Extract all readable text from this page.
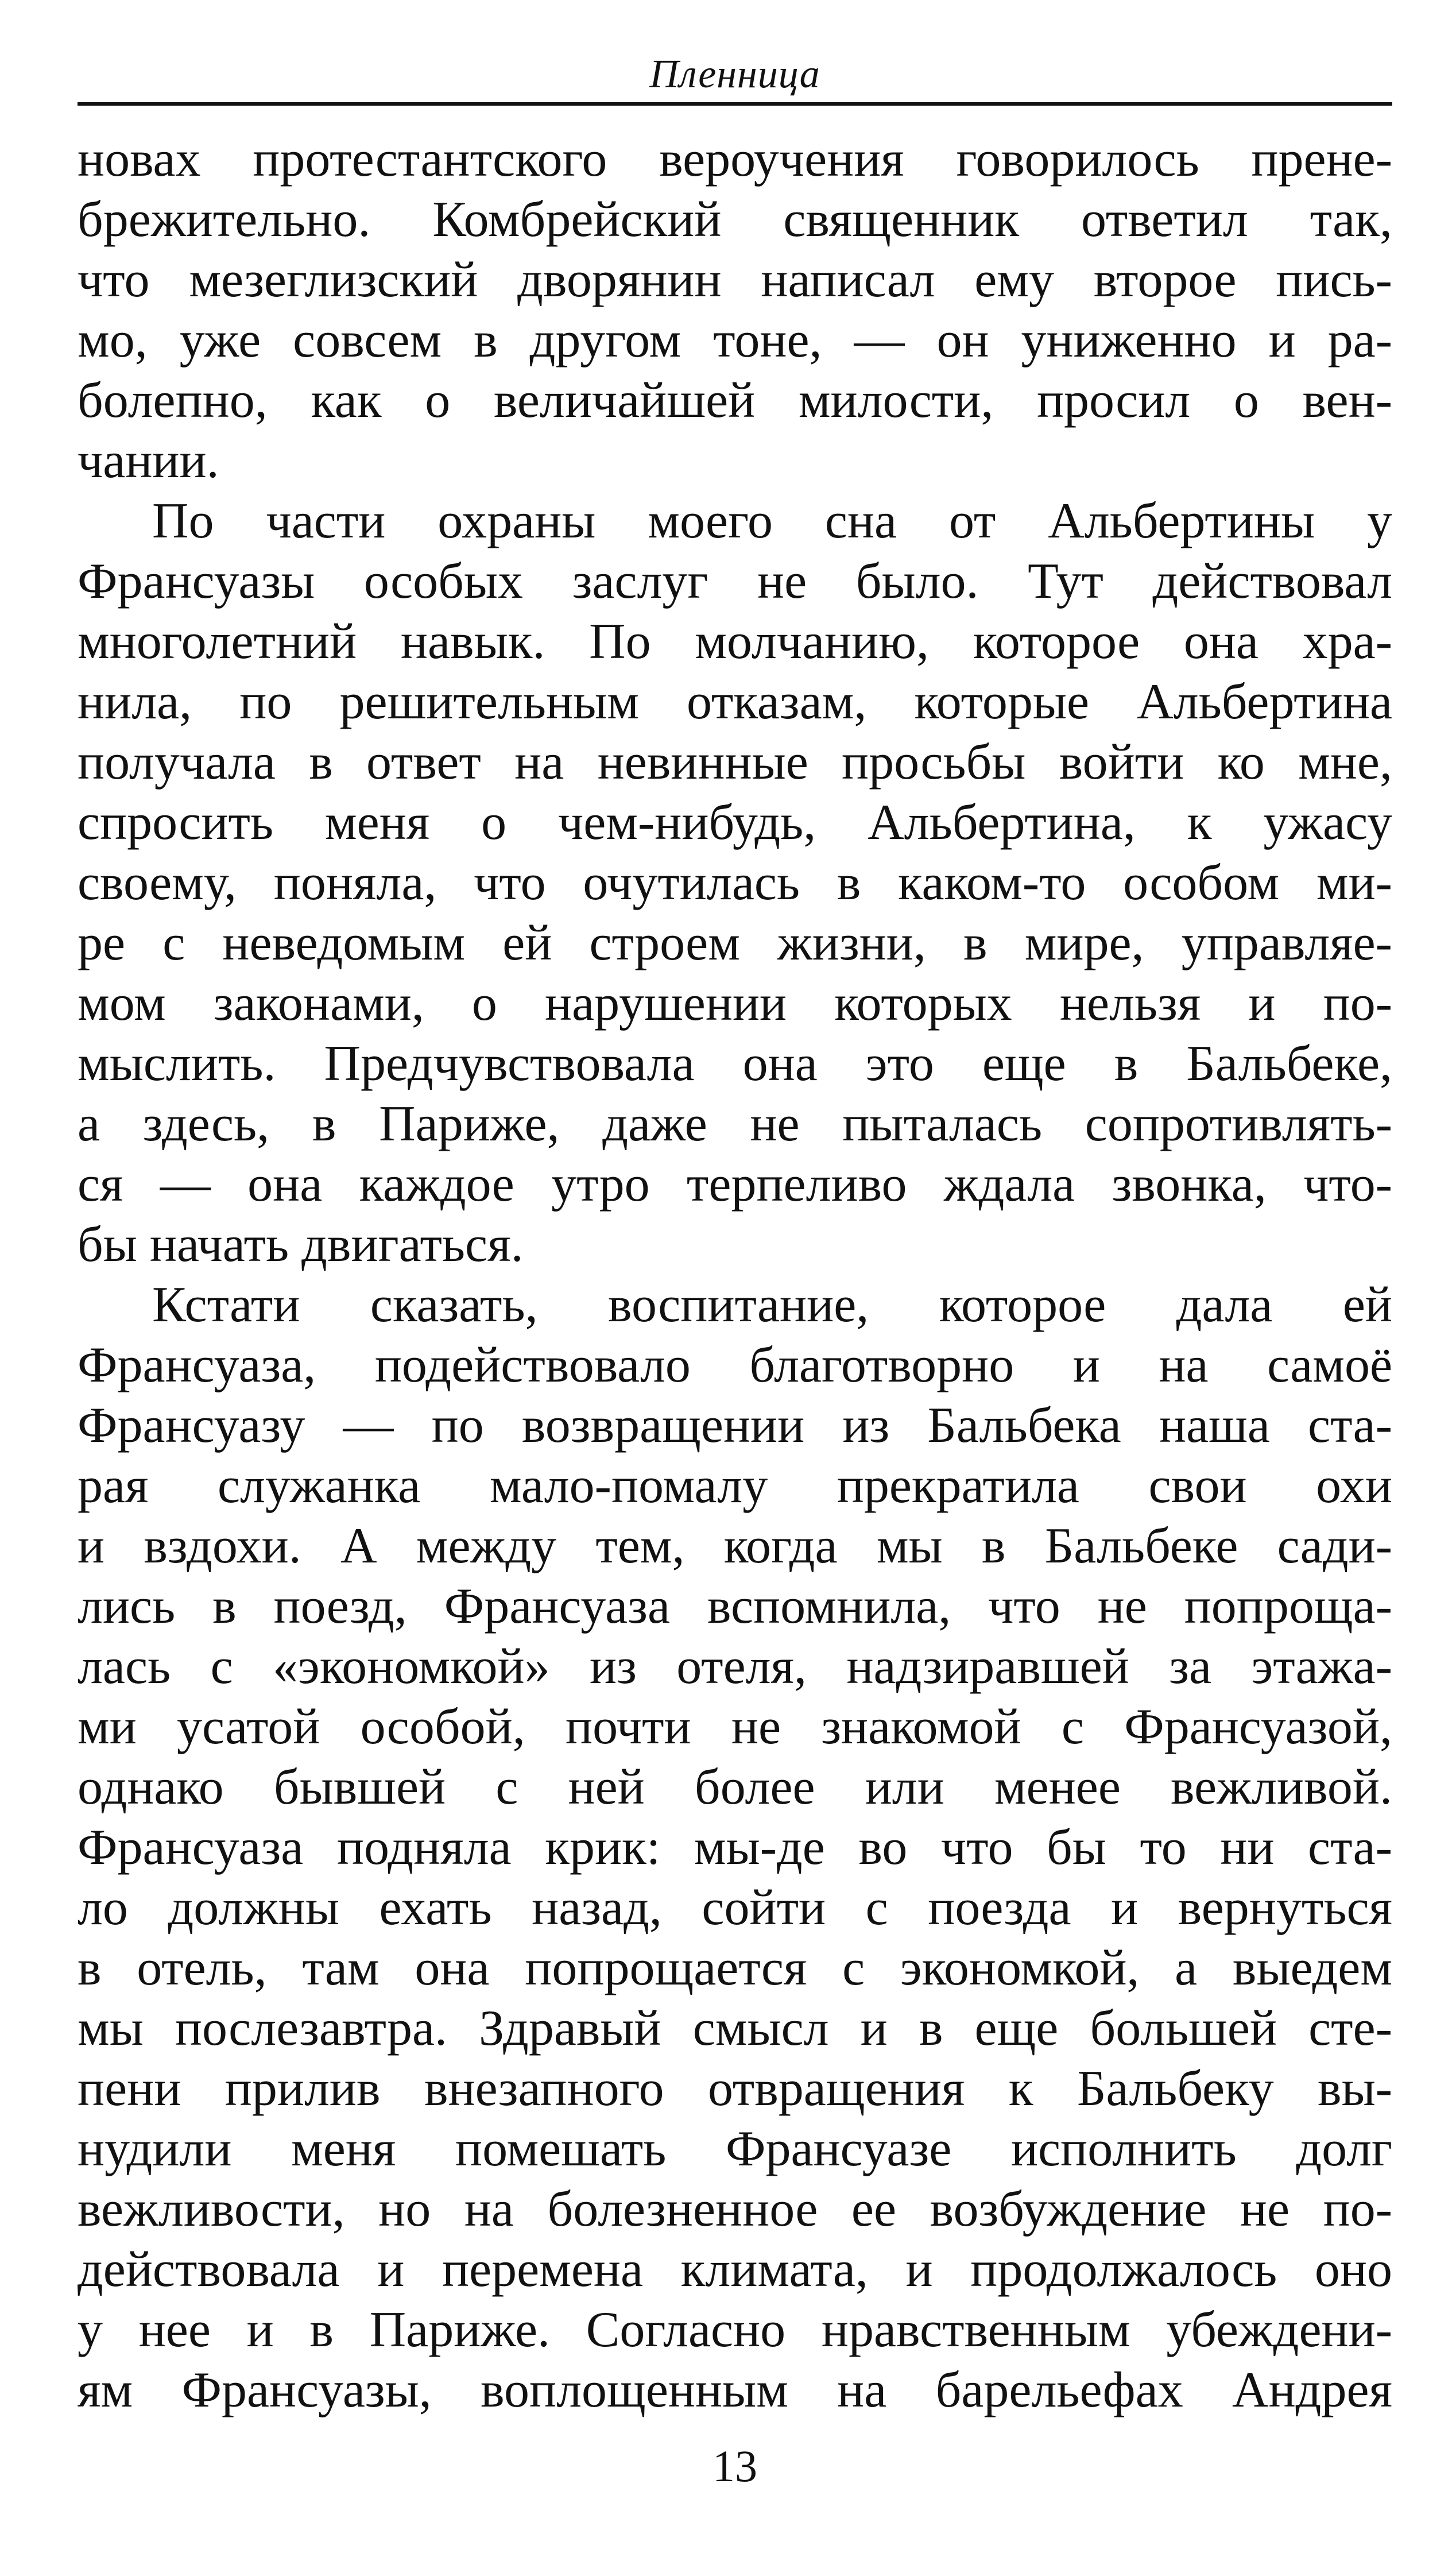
Пленница
новах протестантского вероучения говорилось прене-
брежительно. Комбрейский священник ответил так,
что мезеглизский дворянин написал ему второе пись-
мо, уже совсем в другом тоне, — он униженно и ра-
болепно, как о величайшей милости, просил о вен-
чании.
По части охраны моего сна от Альбертины у
Франсуазы особых заслуг не было. Тут действовал
многолетний навык. По молчанию, которое она хра-
нила, по решительным отказам, которые Альбертина
получала в ответ на невинные просьбы войти ко мне,
спросить меня о чем-нибудь, Альбертина, к ужасу
своему, поняла, что очутилась в каком-то особом ми-
ре с неведомым ей строем жизни, в мире, управляе-
мом законами, о нарушении которых нельзя и по-
мыслить. Предчувствовала она это еще в Бальбеке,
а здесь, в Париже, даже не пыталась сопротивлять-
ся — она каждое утро терпеливо ждала звонка, что-
бы начать двигаться.
Кстати сказать, воспитание, которое дала ей
Франсуаза, подействовало благотворно и на самоё
Франсуазу — по возвращении из Бальбека наша ста-
рая служанка мало-помалу прекратила свои охи
и вздохи. А между тем, когда мы в Бальбеке сади-
лись в поезд, Франсуаза вспомнила, что не попроща-
лась с «экономкой» из отеля, надзиравшей за этажа-
ми усатой особой, почти не знакомой с Франсуазой,
однако бывшей с ней более или менее вежливой.
Франсуаза подняла крик: мы-де во что бы то ни ста-
ло должны ехать назад, сойти с поезда и вернуться
в отель, там она попрощается с экономкой, а выедем
мы послезавтра. Здравый смысл и в еще большей сте-
пени прилив внезапного отвращения к Бальбеку вы-
нудили меня помешать Франсуазе исполнить долг
вежливости, но на болезненное ее возбуждение не по-
действовала и перемена климата, и продолжалось оно
у нее и в Париже. Согласно нравственным убеждени-
ям Франсуазы, воплощенным на барельефах Андрея
13
